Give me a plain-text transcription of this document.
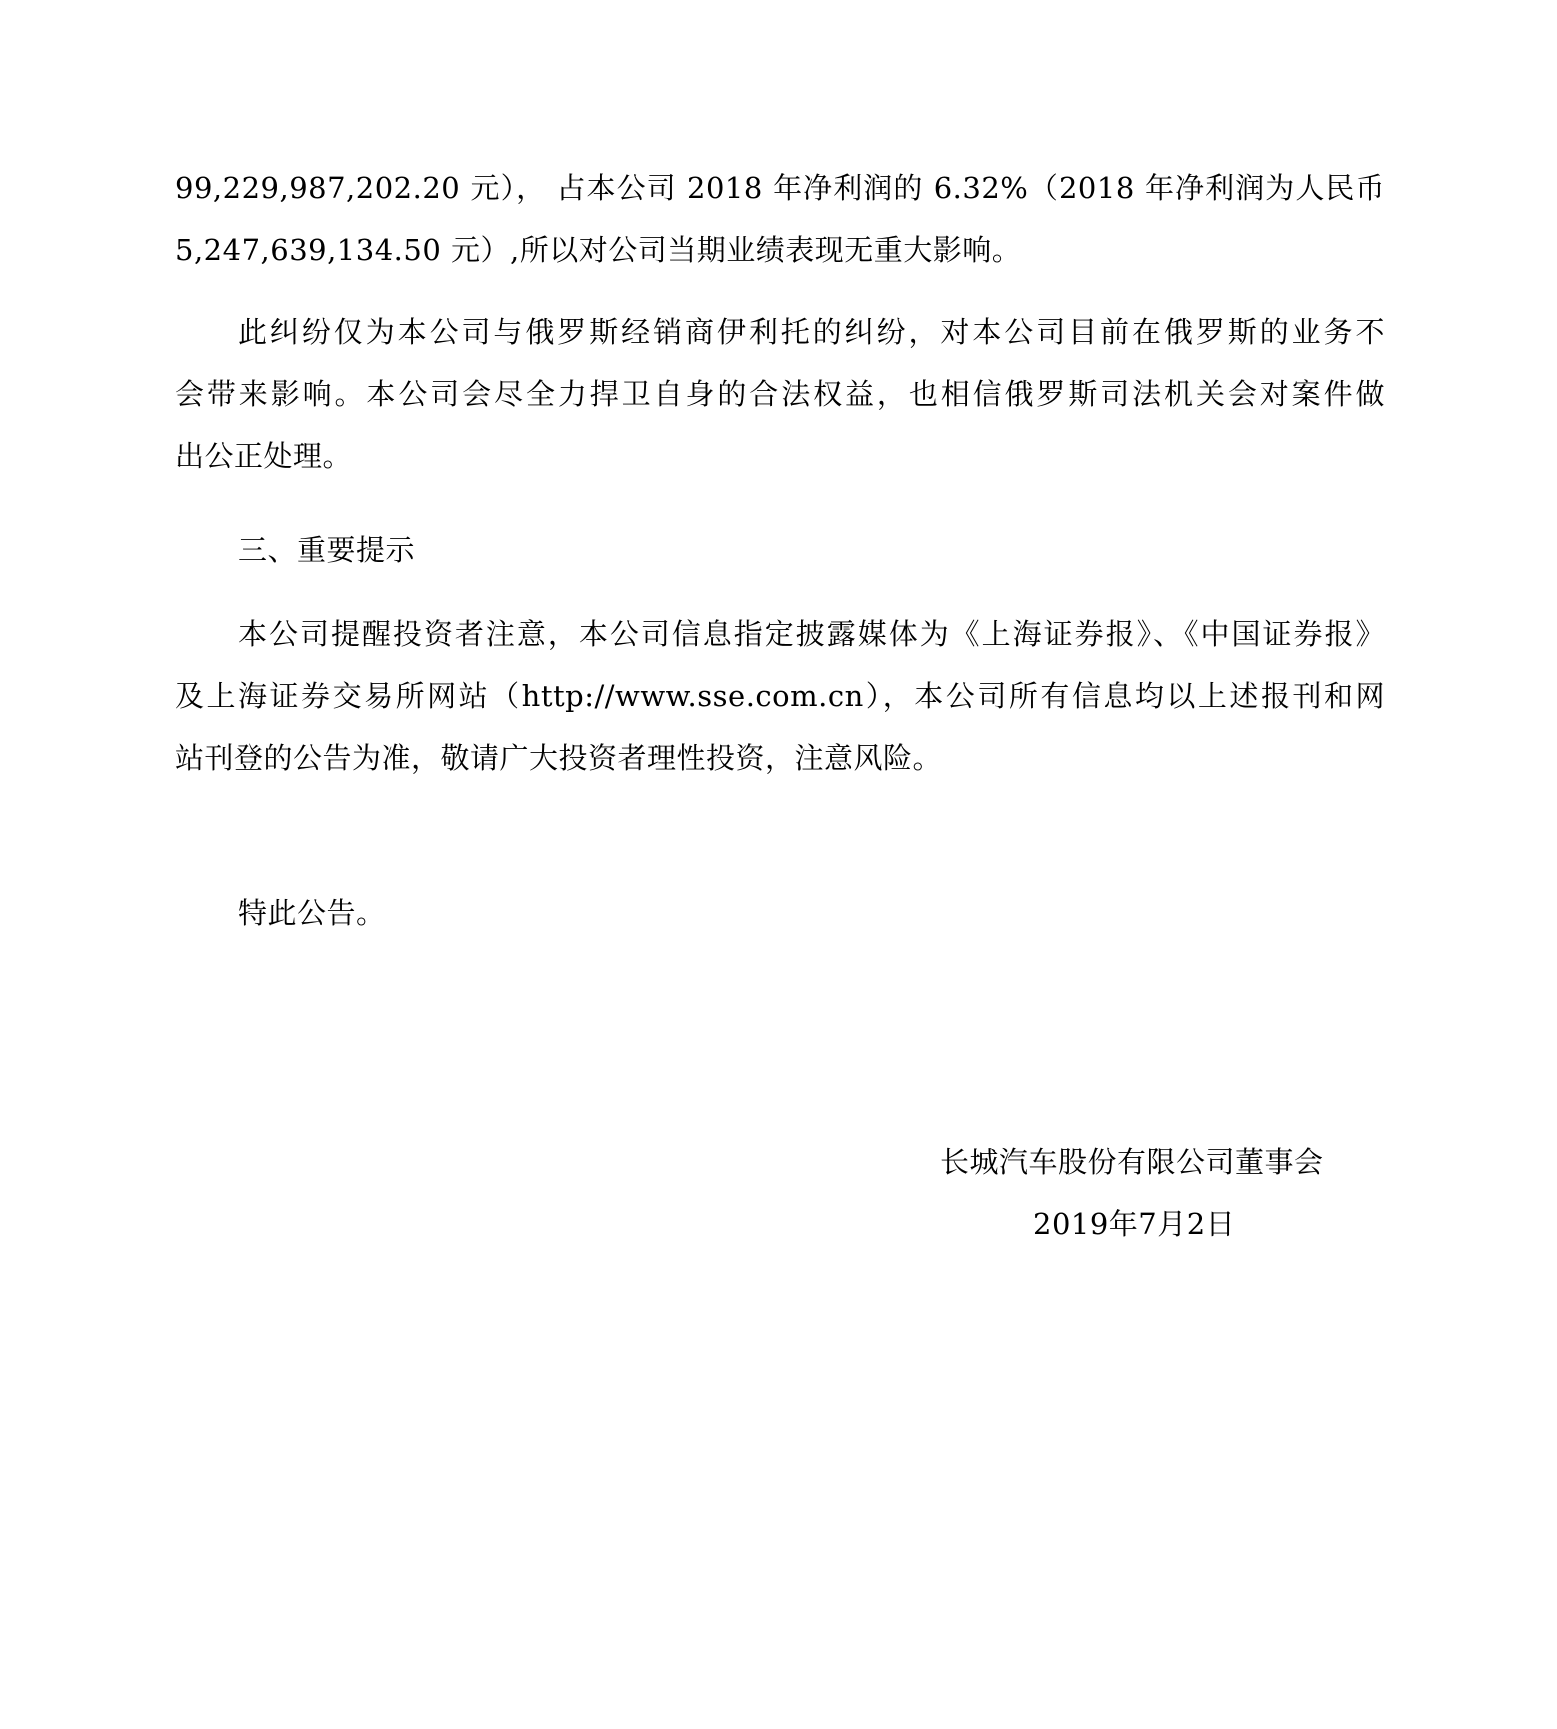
99,229,987,202.20 元）， 占本公司 2018 年净利润的 6.32%（2018 年净利润为人民币
5,247,639,134.50 元）,所以对公司当期业绩表现无重大影响。
此纠纷仅为本公司与俄罗斯经销商伊利托的纠纷，对本公司目前在俄罗斯的业务不
会带来影响。本公司会尽全力捍卫自身的合法权益，也相信俄罗斯司法机关会对案件做
出公正处理。
三、重要提示
本公司提醒投资者注意，本公司信息指定披露媒体为《上海证券报》、《中国证券报》
及上海证券交易所网站（http://www.sse.com.cn），本公司所有信息均以上述报刊和网
站刊登的公告为准，敬请广大投资者理性投资，注意风险。
特此公告。
长城汽车股份有限公司董事会
2019年7月2日
